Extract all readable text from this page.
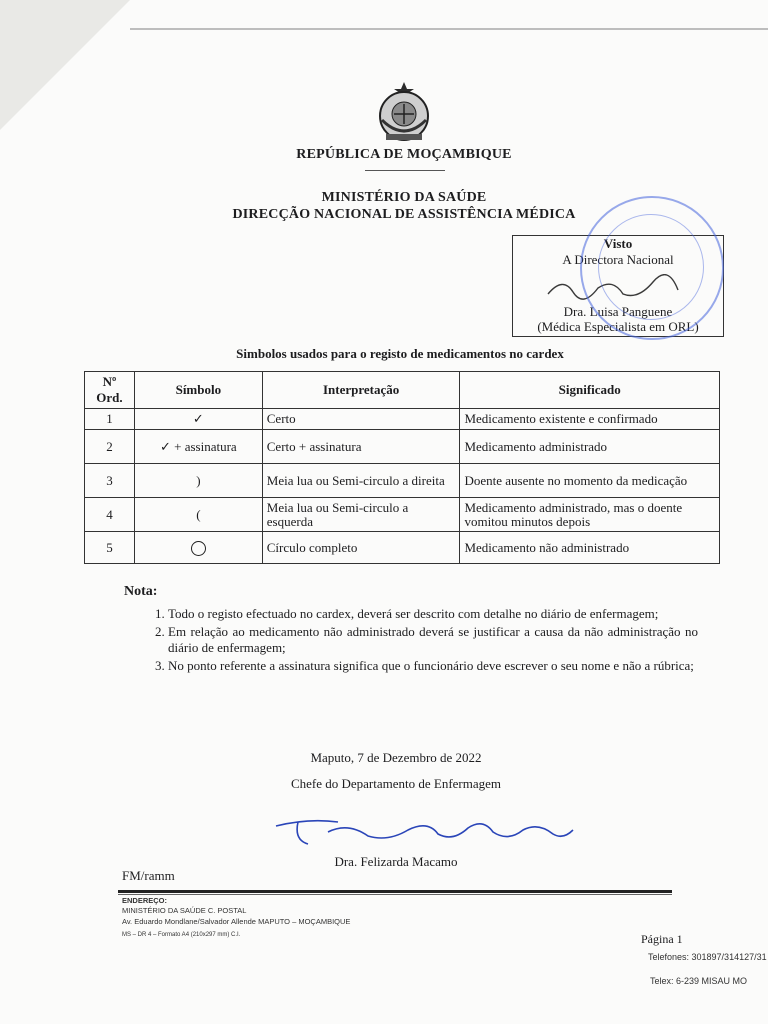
REPÚBLICA DE MOÇAMBIQUE
MINISTÉRIO DA SAÚDE
DIRECÇÃO NACIONAL DE ASSISTÊNCIA MÉDICA
Visto
A Directora Nacional
Dra. Luisa Panguene
(Médica Especialista em ORL)
Simbolos usados para o registo de medicamentos no cardex
Nº Ord.	Símbolo	Interpretação	Significado
1	✓	Certo	Medicamento existente e confirmado
2	✓ + assinatura	Certo + assinatura	Medicamento administrado
3	)	Meia lua ou Semi-circulo a direita	Doente ausente no momento da medicação
4	(	Meia lua ou Semi-circulo a esquerda	Medicamento administrado, mas o doente vomitou minutos depois
5		Círculo completo	Medicamento não administrado
Nota:
1. Todo o registo efectuado no cardex, deverá ser descrito com detalhe no diário de enfermagem;
2. Em relação ao medicamento não administrado deverá se justificar a causa da não administração no diário de enfermagem;
3. No ponto referente a assinatura significa que o funcionário deve escrever o seu nome e não a rúbrica;
Maputo, 7 de Dezembro de 2022
Chefe do Departamento de Enfermagem
Dra. Felizarda Macamo
FM/ramm
ENDEREÇO:
MINISTÉRIO DA SAÚDE C. POSTAL
Av. Eduardo Mondlane/Salvador Allende MAPUTO – MOÇAMBIQUE
MS – DR 4 – Formato A4 (210x297 mm) C.I.	Página 1
Telefones: 301897/314127/31
Telex: 6-239 MISAU MO
